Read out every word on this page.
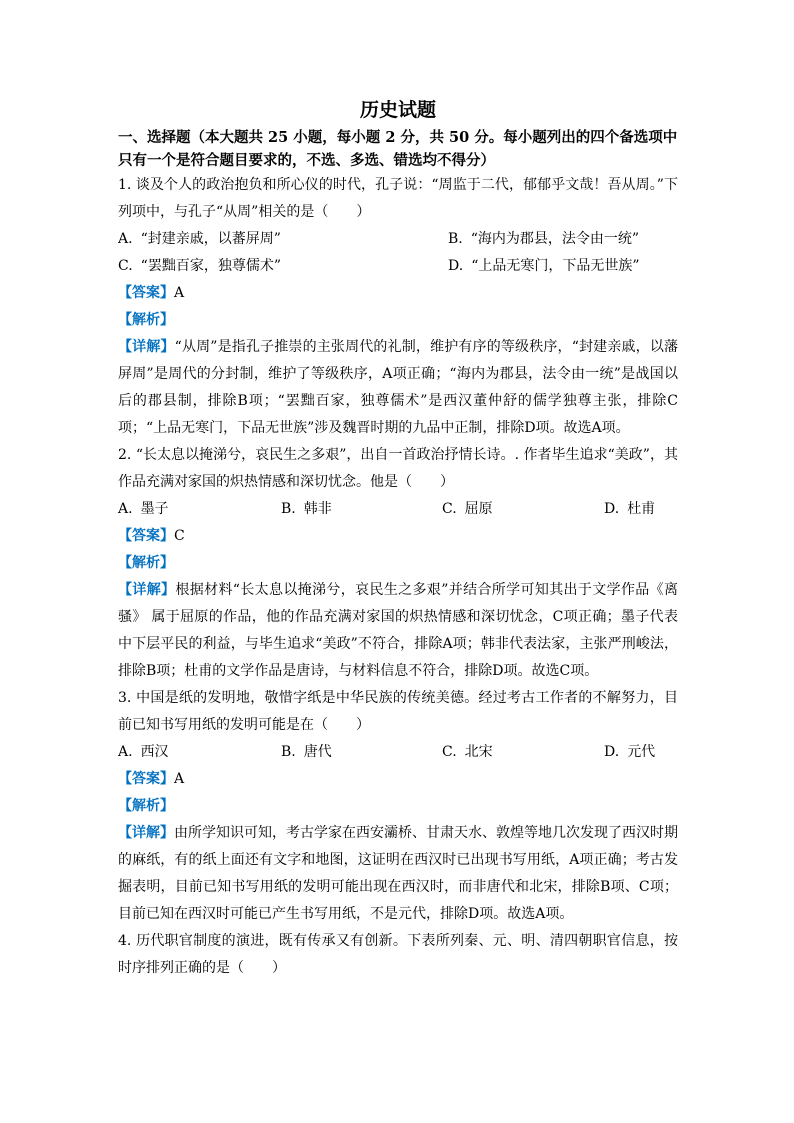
历史试题

一、选择题（本大题共 25 小题，每小题 2 分，共 50 分。每小题列出的四个备选项中只有一个是符合题目要求的，不选、多选、错选均不得分）

1. 谈及个人的政治抱负和所心仪的时代，孔子说：“周监于二代，郁郁乎文哉！吾从周。”下列项中，与孔子“从周”相关的是（　　）

A. “封建亲戚，以蕃屏周”	B. “海内为郡县，法令由一统”
C. “罢黜百家，独尊儒术”	D. “上品无寒门，下品无世族”

【答案】A

【解析】

【详解】“从周”是指孔子推崇的主张周代的礼制，维护有序的等级秩序，“封建亲戚，以藩屏周”是周代的分封制，维护了等级秩序，A项正确；“海内为郡县，法令由一统”是战国以后的郡县制，排除B项；“罢黜百家，独尊儒术”是西汉董仲舒的儒学独尊主张，排除C项；“上品无寒门，下品无世族”涉及魏晋时期的九品中正制，排除D项。故选A项。

2. “长太息以掩涕兮，哀民生之多艰”，出自一首政治抒情长诗。. 作者毕生追求“美政”，其作品充满对家国的炽热情感和深切忧念。他是（　　）

A. 墨子	B. 韩非	C. 屈原	D. 杜甫

【答案】C

【解析】

【详解】根据材料“长太息以掩涕兮，哀民生之多艰”并结合所学可知其出于文学作品《离骚》 属于屈原的作品，他的作品充满对家国的炽热情感和深切忧念，C项正确；墨子代表中下层平民的利益，与毕生追求“美政”不符合，排除A项；韩非代表法家，主张严刑峻法，排除B项；杜甫的文学作品是唐诗，与材料信息不符合，排除D项。故选C项。

3. 中国是纸的发明地，敬惜字纸是中华民族的传统美德。经过考古工作者的不解努力，目前已知书写用纸的发明可能是在（　　）

A. 西汉	B. 唐代	C. 北宋	D. 元代

【答案】A

【解析】

【详解】由所学知识可知，考古学家在西安灞桥、甘肃天水、敦煌等地几次发现了西汉时期的麻纸，有的纸上面还有文字和地图，这证明在西汉时已出现书写用纸，A项正确；考古发掘表明，目前已知书写用纸的发明可能出现在西汉时，而非唐代和北宋，排除B项、C项；目前已知在西汉时可能已产生书写用纸，不是元代，排除D项。故选A项。

4. 历代职官制度的演进，既有传承又有创新。下表所列秦、元、明、清四朝职官信息，按时序排列正确的是（　　）
